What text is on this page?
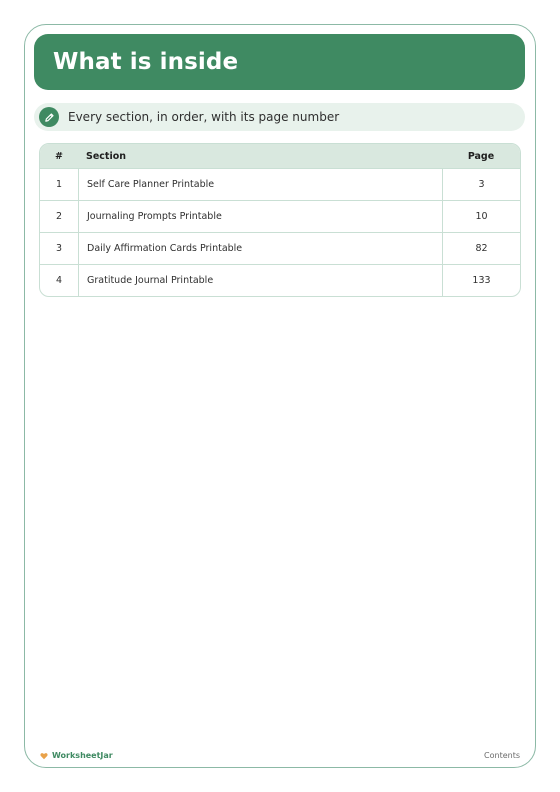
What is inside
Every section, in order, with its page number
#	Section	Page
1	Self Care Planner Printable	3
2	Journaling Prompts Printable	10
3	Daily Affirmation Cards Printable	82
4	Gratitude Journal Printable	133
WorksheetJar	Contents
